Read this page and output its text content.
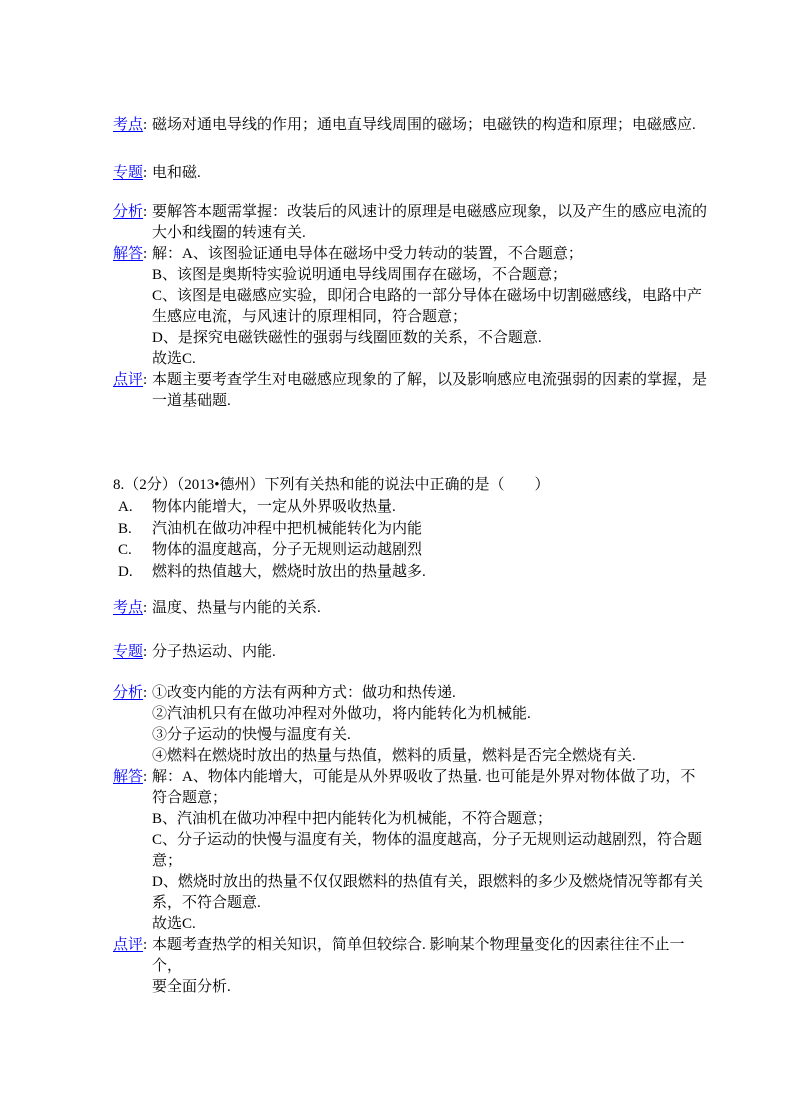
考点: 磁场对通电导线的作用；通电直导线周围的磁场；电磁铁的构造和原理；电磁感应.
专题: 电和磁.
分析: 要解答本题需掌握：改装后的风速计的原理是电磁感应现象，以及产生的感应电流的
大小和线圈的转速有关.
解答: 解：A、该图验证通电导体在磁场中受力转动的装置，不合题意；
B、该图是奥斯特实验说明通电导线周围存在磁场，不合题意；
C、该图是电磁感应实验，即闭合电路的一部分导体在磁场中切割磁感线，电路中产
生感应电流，与风速计的原理相同，符合题意；
D、是探究电磁铁磁性的强弱与线圈匝数的关系，不合题意.
故选C.
点评: 本题主要考查学生对电磁感应现象的了解，以及影响感应电流强弱的因素的掌握，是
一道基础题.
8.（2分）（2013•德州）下列有关热和能的说法中正确的是（　　）
A.	物体内能增大，一定从外界吸收热量.
B.	汽油机在做功冲程中把机械能转化为内能
C.	物体的温度越高，分子无规则运动越剧烈
D.	燃料的热值越大，燃烧时放出的热量越多.
考点: 温度、热量与内能的关系.
专题: 分子热运动、内能.
分析: ①改变内能的方法有两种方式：做功和热传递.
②汽油机只有在做功冲程对外做功，将内能转化为机械能.
③分子运动的快慢与温度有关.
④燃料在燃烧时放出的热量与热值，燃料的质量，燃料是否完全燃烧有关.
解答: 解：A、物体内能增大，可能是从外界吸收了热量. 也可能是外界对物体做了功，不
符合题意；
B、汽油机在做功冲程中把内能转化为机械能，不符合题意；
C、分子运动的快慢与温度有关，物体的温度越高，分子无规则运动越剧烈，符合题
意；
D、燃烧时放出的热量不仅仅跟燃料的热值有关，跟燃料的多少及燃烧情况等都有关
系，不符合题意.
故选C.
点评: 本题考查热学的相关知识，简单但较综合. 影响某个物理量变化的因素往往不止一个，
要全面分析.
